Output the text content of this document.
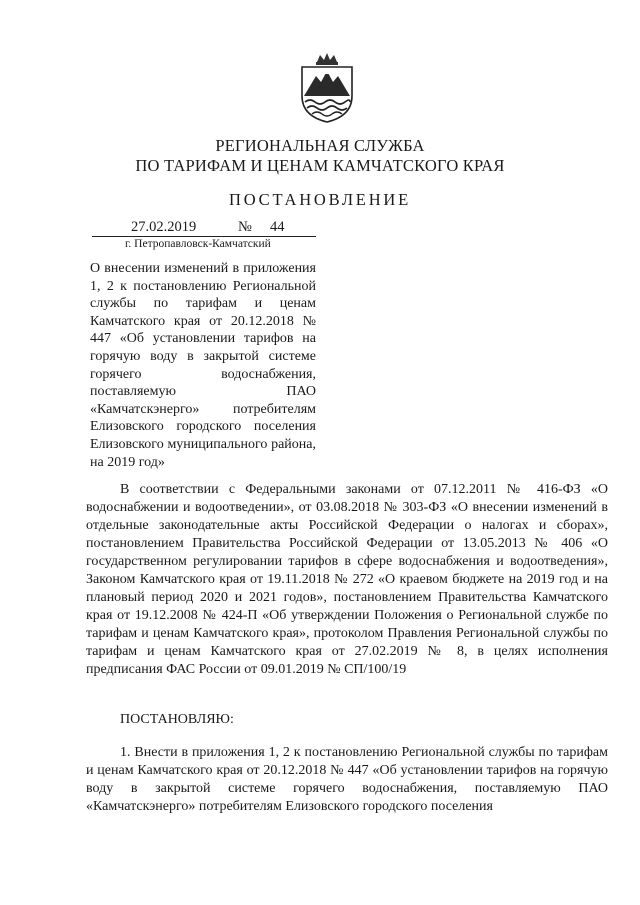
РЕГИОНАЛЬНАЯ СЛУЖБА
ПО ТАРИФАМ И ЦЕНАМ КАМЧАТСКОГО КРАЯ
ПОСТАНОВЛЕНИЕ
27.02.2019	№ 44
г. Петропавловск-Камчатский

О внесении изменений в приложения 1, 2 к постановлению Региональной службы по тарифам и ценам Камчатского края от 20.12.2018 № 447 «Об установлении тарифов на горячую воду в закрытой системе горячего водоснабжения, поставляемую ПАО «Камчатскэнерго» потребителям Елизовского городского поселения Елизовского муниципального района, на 2019 год»

В соответствии с Федеральными законами от 07.12.2011 № 416-ФЗ «О водоснабжении и водоотведении», от 03.08.2018 № 303-ФЗ «О внесении изменений в отдельные законодательные акты Российской Федерации о налогах и сборах», постановлением Правительства Российской Федерации от 13.05.2013 № 406 «О государственном регулировании тарифов в сфере водоснабжения и водоотведения», Законом Камчатского края от 19.11.2018 № 272 «О краевом бюджете на 2019 год и на плановый период 2020 и 2021 годов», постановлением Правительства Камчатского края от 19.12.2008 № 424-П «Об утверждении Положения о Региональной службе по тарифам и ценам Камчатского края», протоколом Правления Региональной службы по тарифам и ценам Камчатского края от 27.02.2019 № 8, в целях исполнения предписания ФАС России от 09.01.2019 № СП/100/19

ПОСТАНОВЛЯЮ:

1. Внести в приложения 1, 2 к постановлению Региональной службы по тарифам и ценам Камчатского края от 20.12.2018 № 447 «Об установлении тарифов на горячую воду в закрытой системе горячего водоснабжения, поставляемую ПАО «Камчатскэнерго» потребителям Елизовского городского поселения
